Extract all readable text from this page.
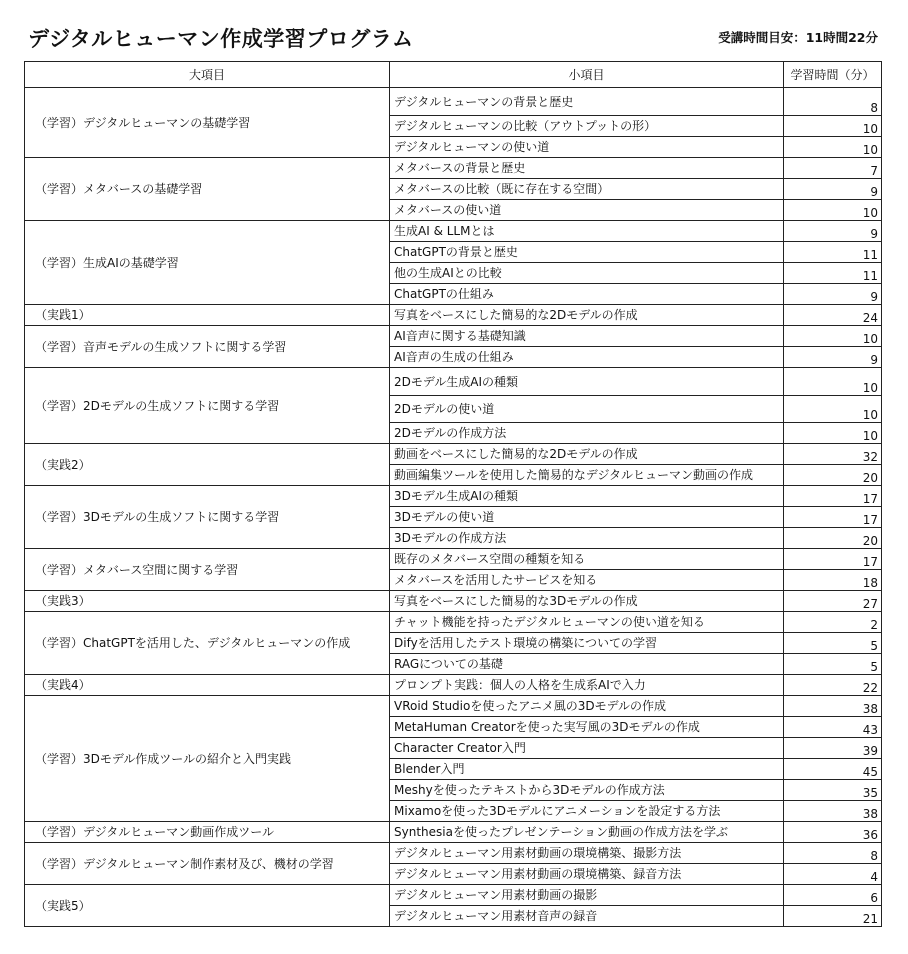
デジタルヒューマン作成学習プログラム	受講時間目安：11時間22分
大項目	小項目	学習時間（分）
（学習）デジタルヒューマンの基礎学習	デジタルヒューマンの背景と歴史	8
	デジタルヒューマンの比較（アウトプットの形）	10
	デジタルヒューマンの使い道	10
（学習）メタバースの基礎学習	メタバースの背景と歴史	7
	メタバースの比較（既に存在する空間）	9
	メタバースの使い道	10
（学習）生成AIの基礎学習	生成AI & LLMとは	9
	ChatGPTの背景と歴史	11
	他の生成AIとの比較	11
	ChatGPTの仕組み	9
（実践1）	写真をベースにした簡易的な2Dモデルの作成	24
（学習）音声モデルの生成ソフトに関する学習	AI音声に関する基礎知識	10
	AI音声の生成の仕組み	9
（学習）2Dモデルの生成ソフトに関する学習	2Dモデル生成AIの種類	10
	2Dモデルの使い道	10
	2Dモデルの作成方法	10
（実践2）	動画をベースにした簡易的な2Dモデルの作成	32
	動画編集ツールを使用した簡易的なデジタルヒューマン動画の作成	20
（学習）3Dモデルの生成ソフトに関する学習	3Dモデル生成AIの種類	17
	3Dモデルの使い道	17
	3Dモデルの作成方法	20
（学習）メタバース空間に関する学習	既存のメタバース空間の種類を知る	17
	メタバースを活用したサービスを知る	18
（実践3）	写真をベースにした簡易的な3Dモデルの作成	27
（学習）ChatGPTを活用した、デジタルヒューマンの作成	チャット機能を持ったデジタルヒューマンの使い道を知る	2
	Difyを活用したテスト環境の構築についての学習	5
	RAGについての基礎	5
（実践4）	プロンプト実践：個人の人格を生成系AIで入力	22
（学習）3Dモデル作成ツールの紹介と入門実践	VRoid Studioを使ったアニメ風の3Dモデルの作成	38
	MetaHuman Creatorを使った実写風の3Dモデルの作成	43
	Character Creator入門	39
	Blender入門	45
	Meshyを使ったテキストから3Dモデルの作成方法	35
	Mixamoを使った3Dモデルにアニメーションを設定する方法	38
（学習）デジタルヒューマン動画作成ツール	Synthesiaを使ったプレゼンテーション動画の作成方法を学ぶ	36
（学習）デジタルヒューマン制作素材及び、機材の学習	デジタルヒューマン用素材動画の環境構築、撮影方法	8
	デジタルヒューマン用素材動画の環境構築、録音方法	4
（実践5）	デジタルヒューマン用素材動画の撮影	6
	デジタルヒューマン用素材音声の録音	21
